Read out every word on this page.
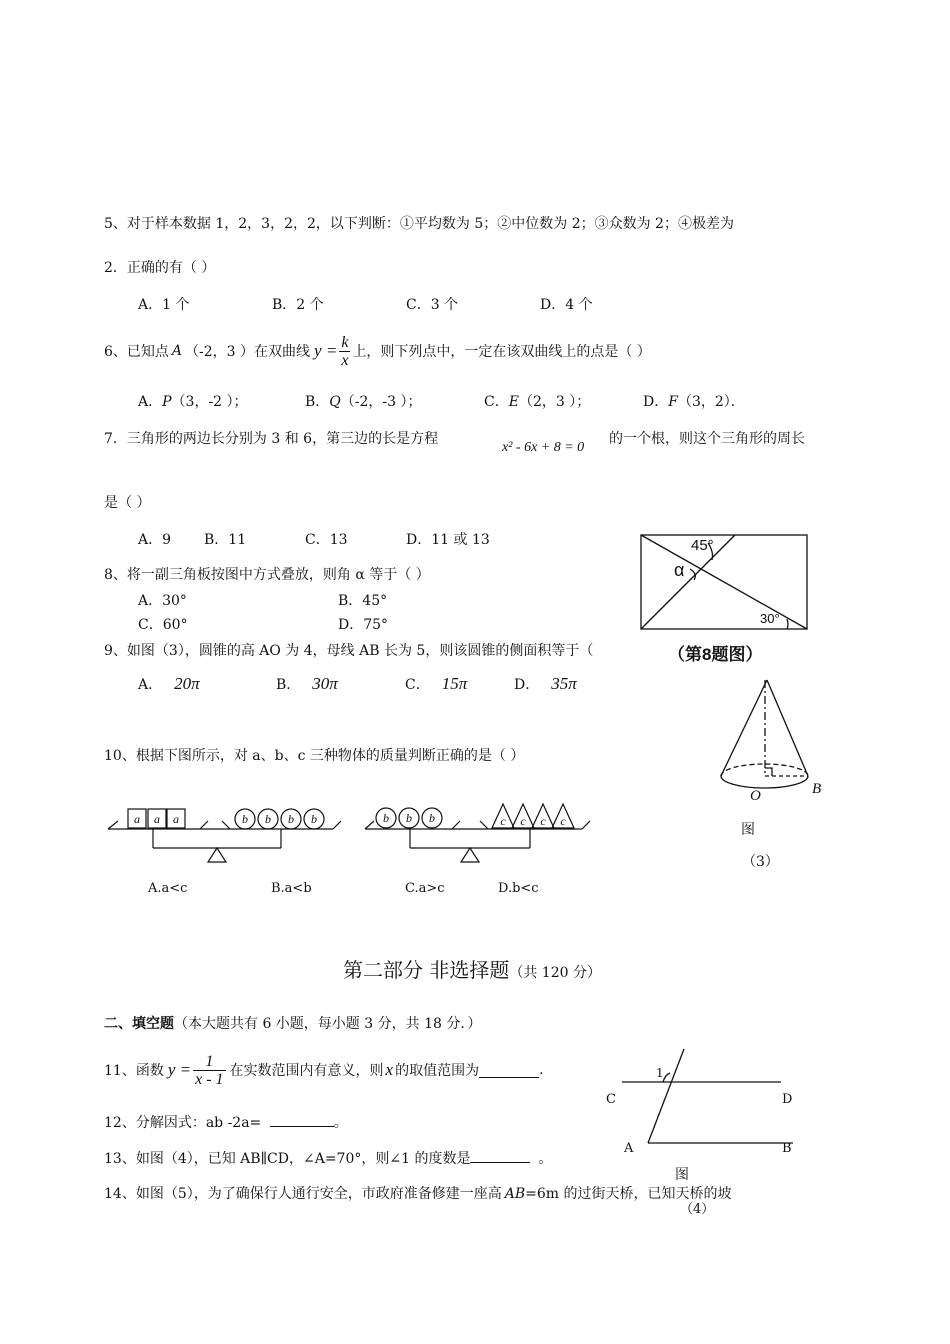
5、对于样本数据 1，2，3，2，2，以下判断：①平均数为 5；②中位数为 2；③众数为 2；④极差为
2．正确的有（ ）
A．1 个	B．2 个	C．3 个	D．4 个
6、已知点 A （-2，3 ）在双曲线 $y = \frac{k}{x}$ 上，则下列点中，一定在该双曲线上的点是（ ）
A．P（3，-2 ）；	B．Q（-2，-3 ）；	C．E（2，3 ）；	D．F（3，2）．
7．三角形的两边长分别为 3 和 6，第三边的长是方程
x² - 6x + 8 = 0
的一个根，则这个三角形的周长
是（ ）
A．9 B．11	C．13	D．11 或 13
8、将一副三角板按图中方式叠放，则角 α 等于（ ）
A．30°	B．45°
C．60°	D．75°
45°
α
30°
（第8题图）
9、如图（3），圆锥的高 AO 为 4，母线 AB 长为 5，则该圆锥的侧面积等于（
A． 20π	B． 30π	C． 15π	D． 35π
O	B
图
（3）
10、根据下图所示，对 a、b、c 三种物体的质量判断正确的是（ ）
a a a	b b b b	b b b	c c c c
A.a<c	B.a<b	C.a>c	D.b<c
第二部分 非选择题（共 120 分）
二、填空题（本大题共有 6 小题，每小题 3 分，共 18 分．）
11、函数 $y = \frac{1}{x - 1}$ 在实数范围内有意义，则 x 的取值范围为	.
12、分解因式：ab -2a=	。
13、如图（4），已知 AB∥CD，∠A=70°，则∠1 的度数是	。
C	D
A	B
1
图
（4）
14、如图（5），为了确保行人通行安全，市政府准备修建一座高 AB=6m 的过街天桥，已知天桥的坡
